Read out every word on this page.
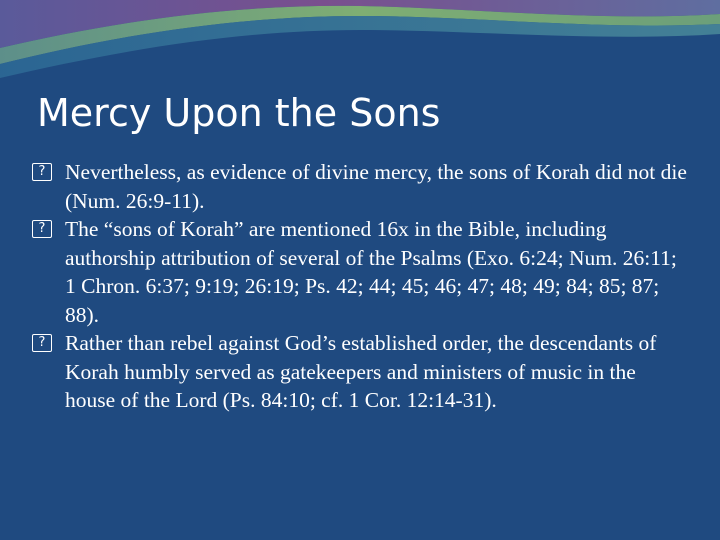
Mercy Upon the Sons
? Nevertheless, as evidence of divine mercy, the sons of Korah did not die (Num. 26:9-11).
? The “sons of Korah” are mentioned 16x in the Bible, including authorship attribution of several of the Psalms (Exo. 6:24; Num. 26:11; 1 Chron. 6:37; 9:19; 26:19; Ps. 42; 44; 45; 46; 47; 48; 49; 84; 85; 87; 88).
? Rather than rebel against God’s established order, the descendants of Korah humbly served as gatekeepers and ministers of music in the house of the Lord (Ps. 84:10; cf. 1 Cor. 12:14-31).
